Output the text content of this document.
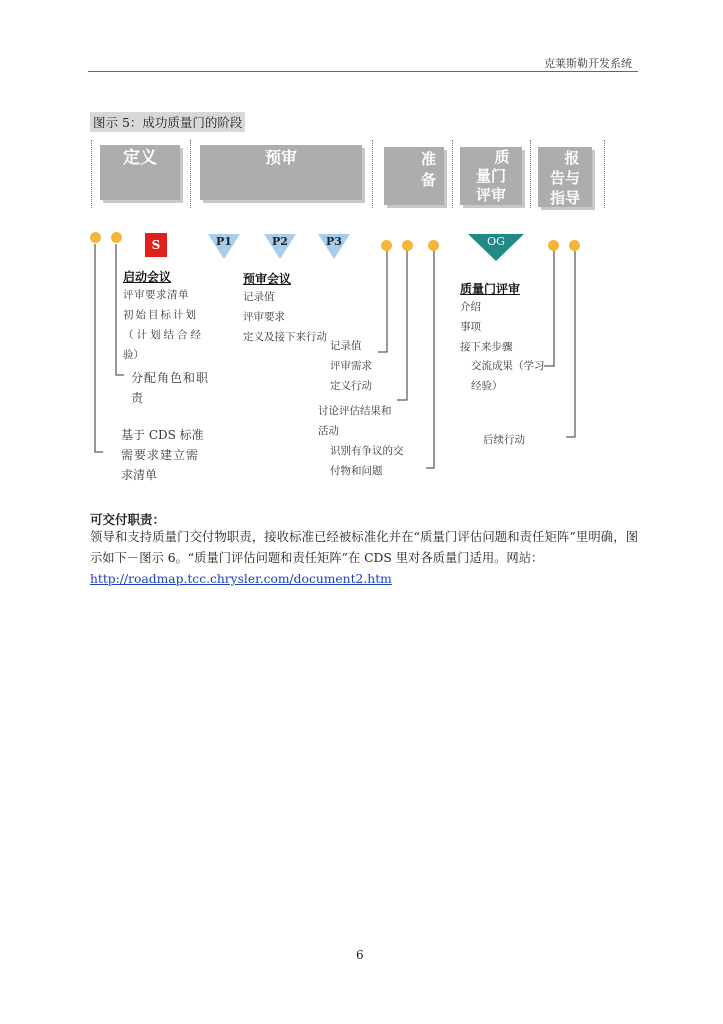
克莱斯勒开发系统
图示 5：成功质量门的阶段
定义	预审	准
备
质
量门
评审
报
告与
指导
S	P1	P2	P3	OG
启动会议
评审要求清单
初始目标计划
（计划结合经
验）
分配角色和职
责
基于 CDS 标准
需要求建立需
求清单
预审会议
记录值
评审要求
定义及接下来行动
记录值
评审需求
定义行动
讨论评估结果和
活动
识别有争议的交
付物和问题
质量门评审
介绍
事项
接下来步骤
交流成果（学习
经验）
后续行动
可交付职责：
领导和支持质量门交付物职责，接收标准已经被标准化并在“质量门评估问题和责任矩阵”里明确，图示如下－图示 6。“质量门评估问题和责任矩阵”在 CDS 里对各质量门适用。网站：
http://roadmap.tcc.chrysler.com/document2.htm
6
